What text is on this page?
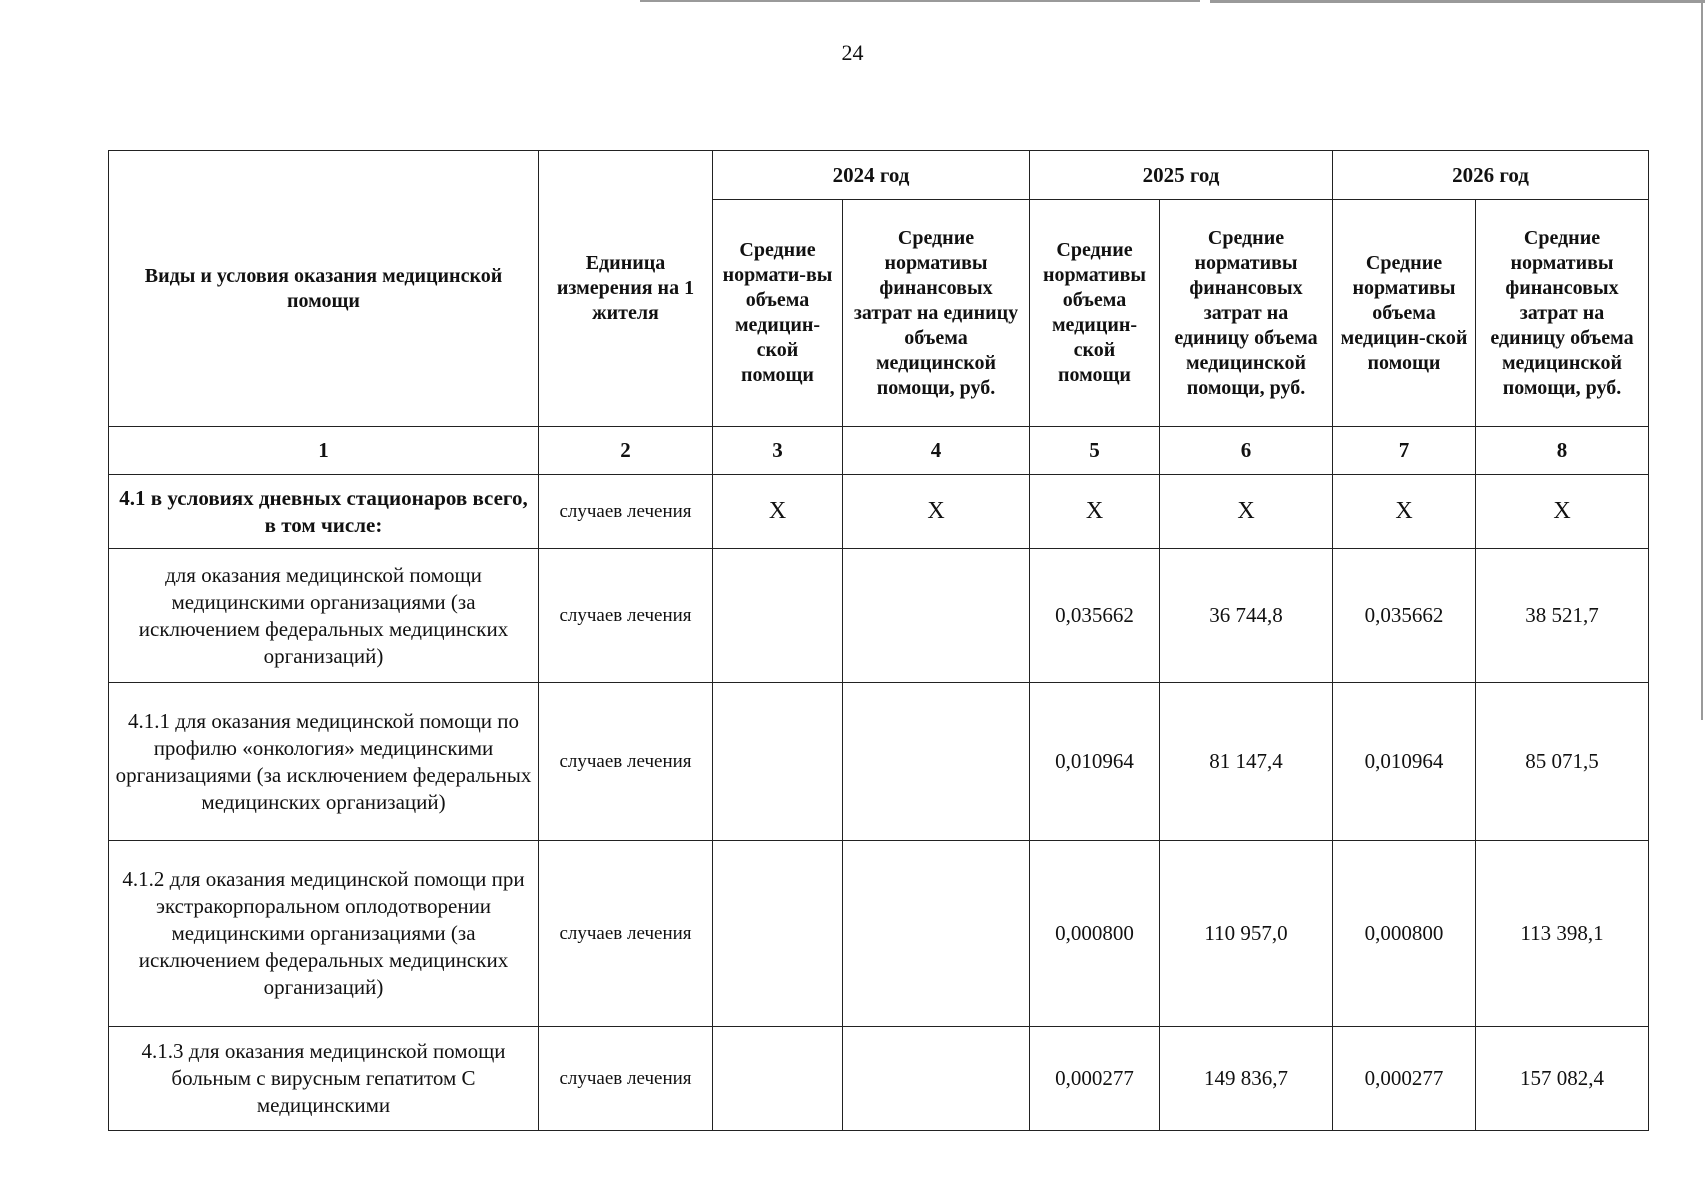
24
Виды и условия оказания медицинской помощи	Единица измерения на 1 жителя	2024 год		2025 год		2026 год	
		Средние нормати-вы объема медицин-ской помощи	Средние нормативы финансовых затрат на единицу объема медицинской помощи, руб.	Средние нормативы объема медицин-ской помощи	Средние нормативы финансовых затрат на единицу объема медицинской помощи, руб.	Средние нормативы объема медицин-ской помощи	Средние нормативы финансовых затрат на единицу объема медицинской помощи, руб.
1	2	3	4	5	6	7	8
4.1 в условиях дневных стационаров всего, в том числе:	случаев лечения	X	X	X	X	X	X
для оказания медицинской помощи медицинскими организациями (за исключением федеральных медицинских организаций)	случаев лечения			0,035662	36 744,8	0,035662	38 521,7
4.1.1 для оказания медицинской помощи по профилю «онкология» медицинскими организациями (за исключением федеральных медицинских организаций)	случаев лечения			0,010964	81 147,4	0,010964	85 071,5
4.1.2 для оказания медицинской помощи при экстракорпоральном оплодотворении медицинскими организациями (за исключением федеральных медицинских организаций)	случаев лечения			0,000800	110 957,0	0,000800	113 398,1
4.1.3 для оказания медицинской помощи больным с вирусным гепатитом С медицинскими	случаев лечения			0,000277	149 836,7	0,000277	157 082,4
